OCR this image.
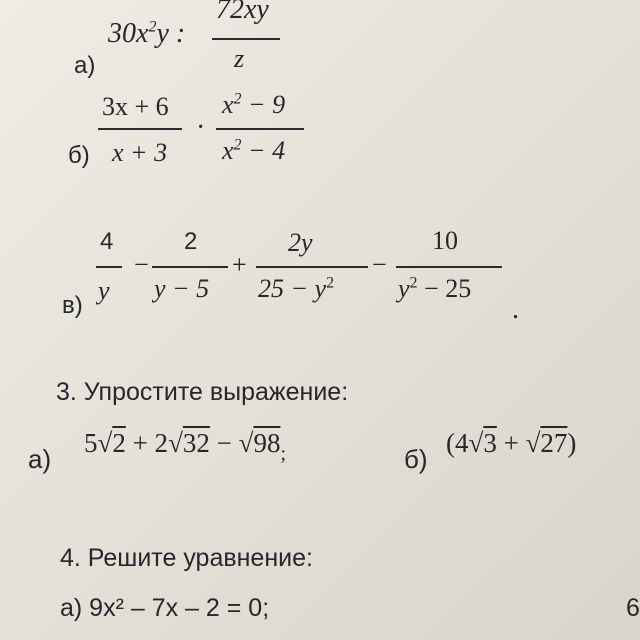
$30x^2y$ :
72xy
z
а)
3x + 6
x + 3
·
$x^2 - 9$
$x^2 - 4$
б)
4
y
−
2
y − 5
+
2y
$25 - y^2$
−
10
$y^2 - 25$
.
в)
3. Упростите выражение:
а)
$5√2 + 2√32 - √98_;$	б)
(4√3 + √27)
4. Решите уравнение:
а) 9x² – 7x – 2 = 0;	6
